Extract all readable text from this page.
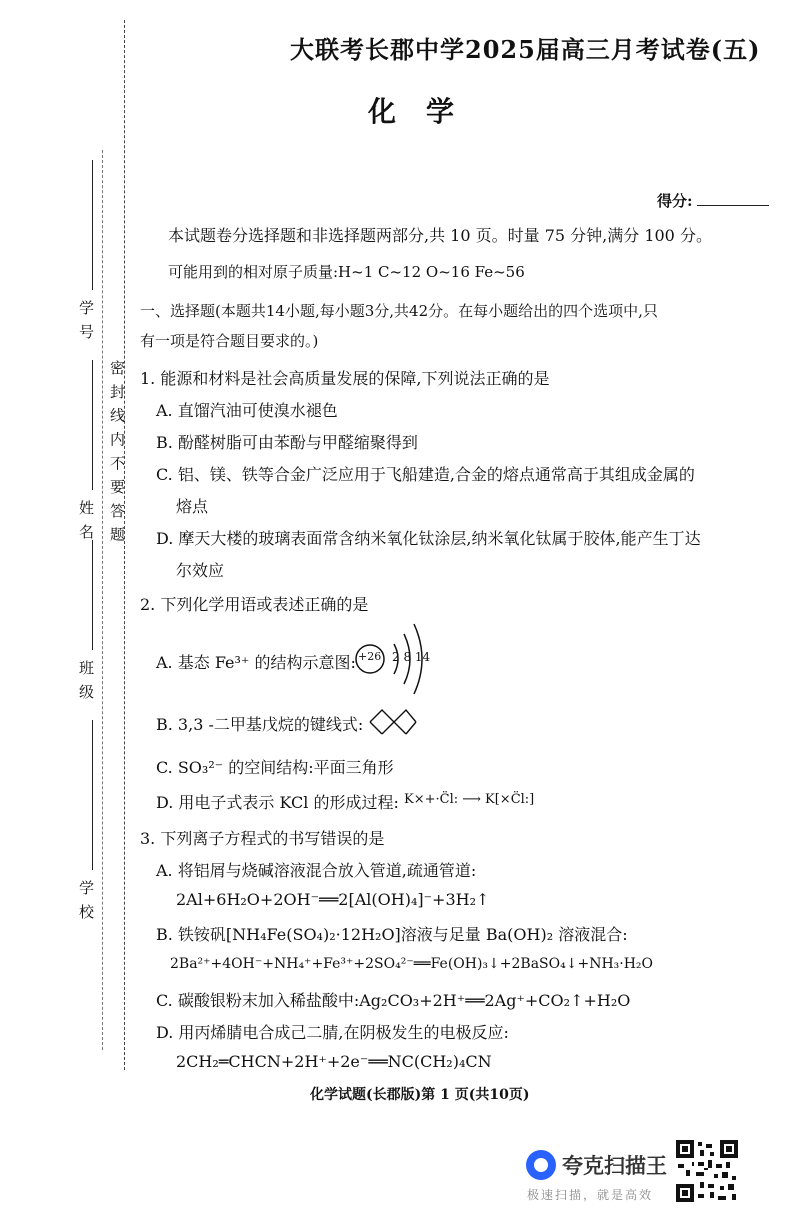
密 封 线 内 不 要 答 题
学 号
姓 名
班 级
学 校
大联考长郡中学2025届高三月考试卷(五)
化学
得分:
本试题卷分选择题和非选择题两部分,共 10 页。时量 75 分钟,满分 100 分。
可能用到的相对原子质量:H~1 C~12 O~16 Fe~56
一、选择题(本题共14小题,每小题3分,共42分。在每小题给出的四个选项中,只
有一项是符合题目要求的。)
1. 能源和材料是社会高质量发展的保障,下列说法正确的是
A. 直馏汽油可使溴水褪色
B. 酚醛树脂可由苯酚与甲醛缩聚得到
C. 铝、镁、铁等合金广泛应用于飞船建造,合金的熔点通常高于其组成金属的
熔点
D. 摩天大楼的玻璃表面常含纳米氧化钛涂层,纳米氧化钛属于胶体,能产生丁达
尔效应
2. 下列化学用语或表述正确的是
A. 基态 Fe³⁺ 的结构示意图: +26 2 8 14
B. 3,3 -二甲基戊烷的键线式:
C. SO₃²⁻ 的空间结构:平面三角形
D. 用电子式表示 KCl 的形成过程: K×+·C̈l: ⟶ K[×C̈l:]
3. 下列离子方程式的书写错误的是
A. 将铝屑与烧碱溶液混合放入管道,疏通管道:
2Al+6H₂O+2OH⁻══2[Al(OH)₄]⁻+3H₂↑
B. 铁铵矾[NH₄Fe(SO₄)₂·12H₂O]溶液与足量 Ba(OH)₂ 溶液混合:
2Ba²⁺+4OH⁻+NH₄⁺+Fe³⁺+2SO₄²⁻══Fe(OH)₃↓+2BaSO₄↓+NH₃·H₂O
C. 碳酸银粉末加入稀盐酸中:Ag₂CO₃+2H⁺══2Ag⁺+CO₂↑+H₂O
D. 用丙烯腈电合成己二腈,在阴极发生的电极反应:
2CH₂═CHCN+2H⁺+2e⁻══NC(CH₂)₄CN
化学试题(长郡版)第 1 页(共10页)
夸克扫描王
极速扫描，就是高效
